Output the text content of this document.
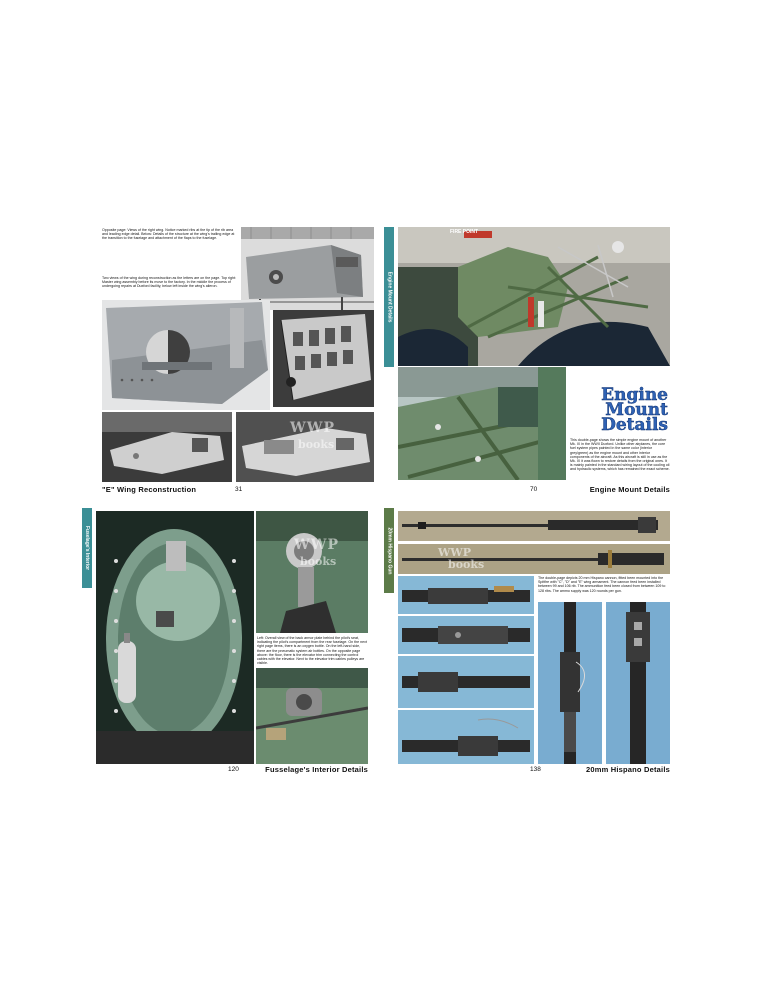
Opposite page: Views of the right wing. Notice marked ribs at the tip of the rib area and leading edge detail. Below: Details of the structure at the wing's trailing edge at the transition to the fuselage and attachment of the flaps to the fuselage.
Two views of the wing during reconstruction as the letters are on the page. Top right: Master wing assembly before its move to the factory. In the middle the process of undergoing repairs at Duxford facility, below left inside the wing's aileron.
WWP
books
"E" Wing Reconstruction	31
Engine Mount Details
FIRE POINT
Engine
Mount
Details
This double-page shows the simple engine mount of another Mk. IX in the WWII Duxford. Unlike other airplanes, the core fuel system pipes painted in the same color (interior grey/green) as the engine mount and other interior components of the aircraft. As this aircraft is still in use as the Mk. IX it was flown to restore details from the original ones. It is mainly painted in the standard wiring layout of the cooling oil and hydraulic systems, which has remained the exact scheme.
70	Engine Mount Details
Fuselage's Interior	WWP
books
Left: Overall view of the back armor plate behind the pilot's seat, indicating the pilot's compartment from the rear fuselage. On the next right page items, there is an oxygen bottle. On the left-hand side, there are the pneumatic system air bottles. On the opposite page above: the floor, there is the elevator trim connecting the control cables with the elevator. Next to the elevator trim cables pulleys are visible.
120	Fusselage's Interior Details
20mm Hispano Gun	WWP
books
The double-page depicts 20 mm Hispano cannon, fitted been mounted into the Spitfire with "C", "D" and "E" wing armament. The cannon feed been installed between 99 and 106 rib. The ammunition feed been closed from between 109 to 128 ribs. The ammo supply was 120 rounds per gun.
138	20mm Hispano Details
